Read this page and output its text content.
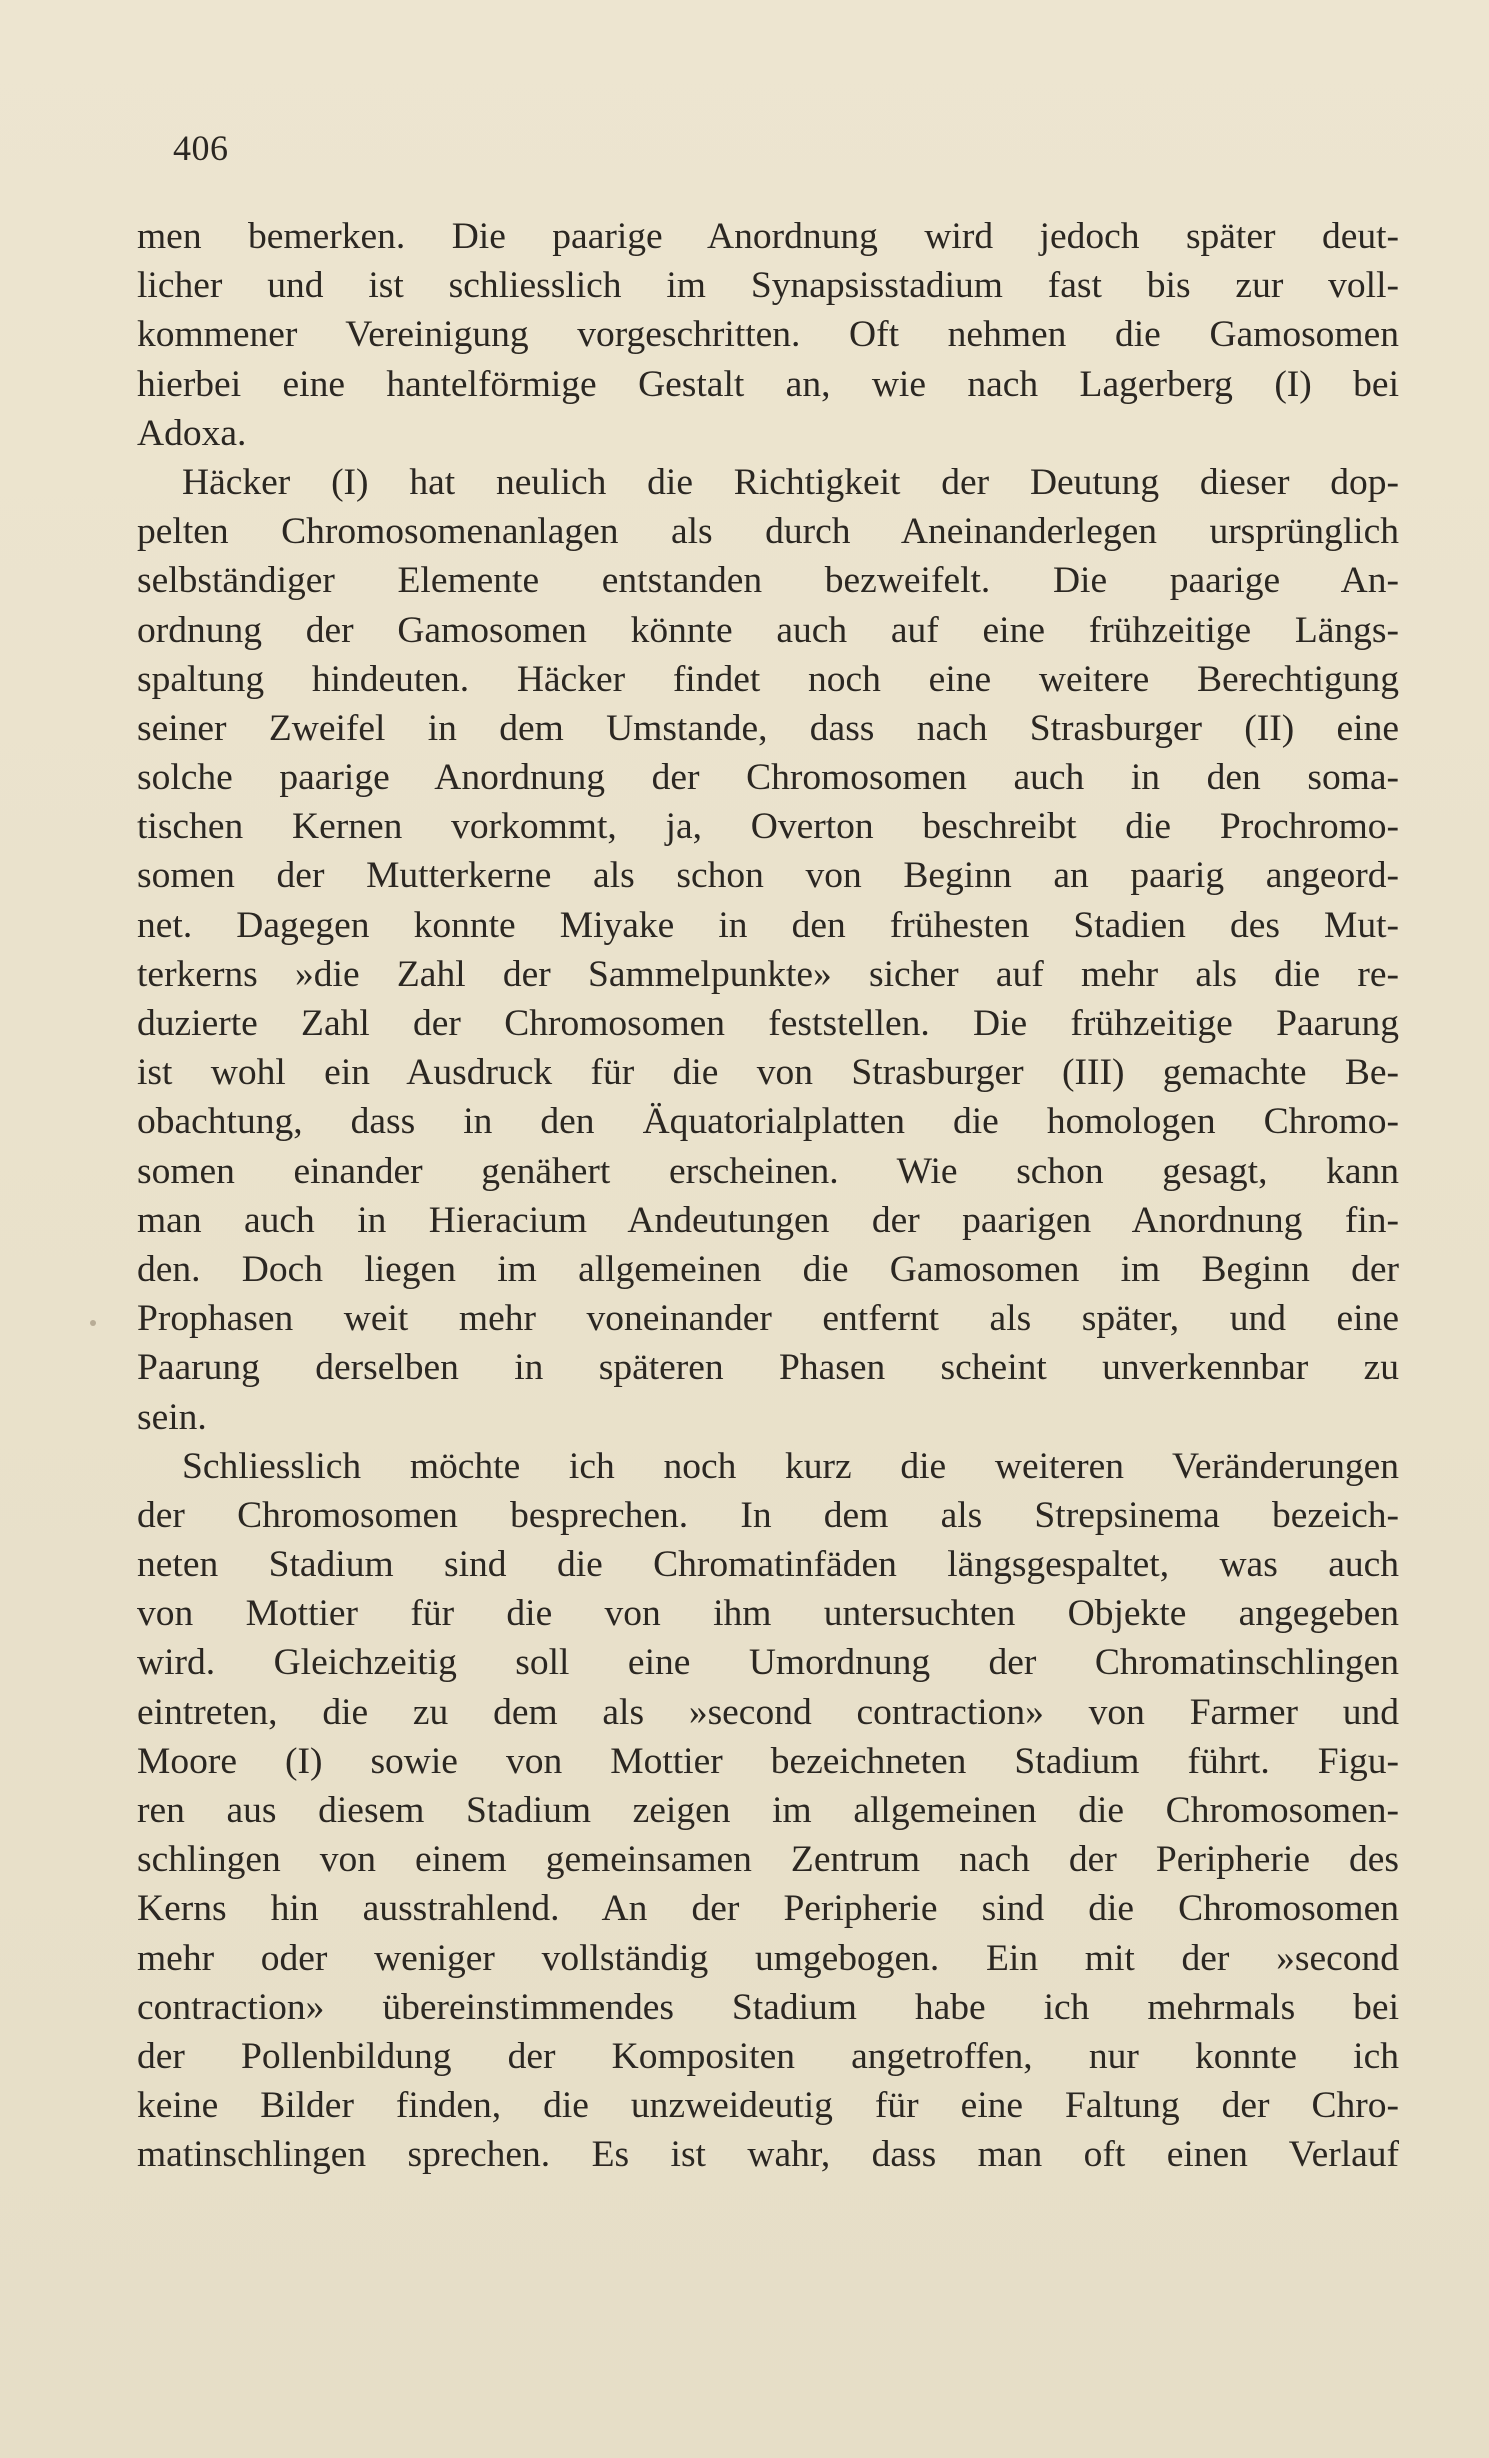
406
men bemerken. Die paarige Anordnung wird jedoch später deut-
licher und ist schliesslich im Synapsisstadium fast bis zur voll-
kommener Vereinigung vorgeschritten. Oft nehmen die Gamosomen
hierbei eine hantelförmige Gestalt an, wie nach Lagerberg (I) bei
Adoxa.
Häcker (I) hat neulich die Richtigkeit der Deutung dieser dop-
pelten Chromosomenanlagen als durch Aneinanderlegen ursprünglich
selbständiger Elemente entstanden bezweifelt. Die paarige An-
ordnung der Gamosomen könnte auch auf eine frühzeitige Längs-
spaltung hindeuten. Häcker findet noch eine weitere Berechtigung
seiner Zweifel in dem Umstande, dass nach Strasburger (II) eine
solche paarige Anordnung der Chromosomen auch in den soma-
tischen Kernen vorkommt, ja, Overton beschreibt die Prochromo-
somen der Mutterkerne als schon von Beginn an paarig angeord-
net. Dagegen konnte Miyake in den frühesten Stadien des Mut-
terkerns »die Zahl der Sammelpunkte» sicher auf mehr als die re-
duzierte Zahl der Chromosomen feststellen. Die frühzeitige Paarung
ist wohl ein Ausdruck für die von Strasburger (III) gemachte Be-
obachtung, dass in den Äquatorialplatten die homologen Chromo-
somen einander genähert erscheinen. Wie schon gesagt, kann
man auch in Hieracium Andeutungen der paarigen Anordnung fin-
den. Doch liegen im allgemeinen die Gamosomen im Beginn der
Prophasen weit mehr voneinander entfernt als später, und eine
Paarung derselben in späteren Phasen scheint unverkennbar zu
sein.
Schliesslich möchte ich noch kurz die weiteren Veränderungen
der Chromosomen besprechen. In dem als Strepsinema bezeich-
neten Stadium sind die Chromatinfäden längsgespaltet, was auch
von Mottier für die von ihm untersuchten Objekte angegeben
wird. Gleichzeitig soll eine Umordnung der Chromatinschlingen
eintreten, die zu dem als »second contraction» von Farmer und
Moore (I) sowie von Mottier bezeichneten Stadium führt. Figu-
ren aus diesem Stadium zeigen im allgemeinen die Chromosomen-
schlingen von einem gemeinsamen Zentrum nach der Peripherie des
Kerns hin ausstrahlend. An der Peripherie sind die Chromosomen
mehr oder weniger vollständig umgebogen. Ein mit der »second
contraction» übereinstimmendes Stadium habe ich mehrmals bei
der Pollenbildung der Kompositen angetroffen, nur konnte ich
keine Bilder finden, die unzweideutig für eine Faltung der Chro-
matinschlingen sprechen. Es ist wahr, dass man oft einen Verlauf
